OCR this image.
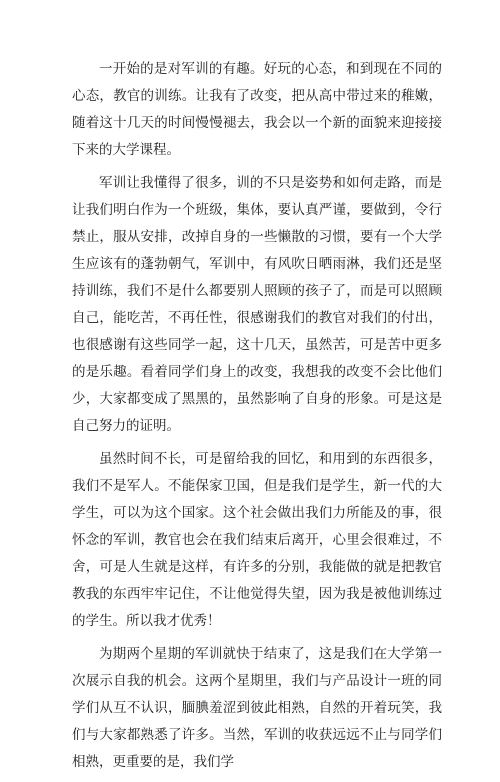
一开始的是对军训的有趣。好玩的心态，和到现在不同的心态，教官的训练。让我有了改变，把从高中带过来的稚嫩，随着这十几天的时间慢慢褪去，我会以一个新的面貌来迎接接下来的大学课程。

军训让我懂得了很多，训的不只是姿势和如何走路，而是让我们明白作为一个班级，集体，要认真严谨，要做到，令行禁止，服从安排，改掉自身的一些懒散的习惯，要有一个大学生应该有的蓬勃朝气，军训中，有风吹日晒雨淋，我们还是坚持训练，我们不是什么都要别人照顾的孩子了，而是可以照顾自己，能吃苦，不再任性，很感谢我们的教官对我们的付出，也很感谢有这些同学一起，这十几天，虽然苦，可是苦中更多的是乐趣。看着同学们身上的改变，我想我的改变不会比他们少，大家都变成了黑黑的，虽然影响了自身的形象。可是这是自己努力的证明。

虽然时间不长，可是留给我的回忆，和用到的东西很多，我们不是军人。不能保家卫国，但是我们是学生，新一代的大学生，可以为这个国家。这个社会做出我们力所能及的事，很怀念的军训，教官也会在我们结束后离开，心里会很难过，不舍，可是人生就是这样，有许多的分别，我能做的就是把教官教我的东西牢牢记住，不让他觉得失望，因为我是被他训练过的学生。所以我才优秀！

为期两个星期的军训就快于结束了，这是我们在大学第一次展示自我的机会。这两个星期里，我们与产品设计一班的同学们从互不认识，腼腆羞涩到彼此相熟，自然的开着玩笑，我们与大家都熟悉了许多。当然，军训的收获远远不止与同学们相熟，更重要的是，我们学
